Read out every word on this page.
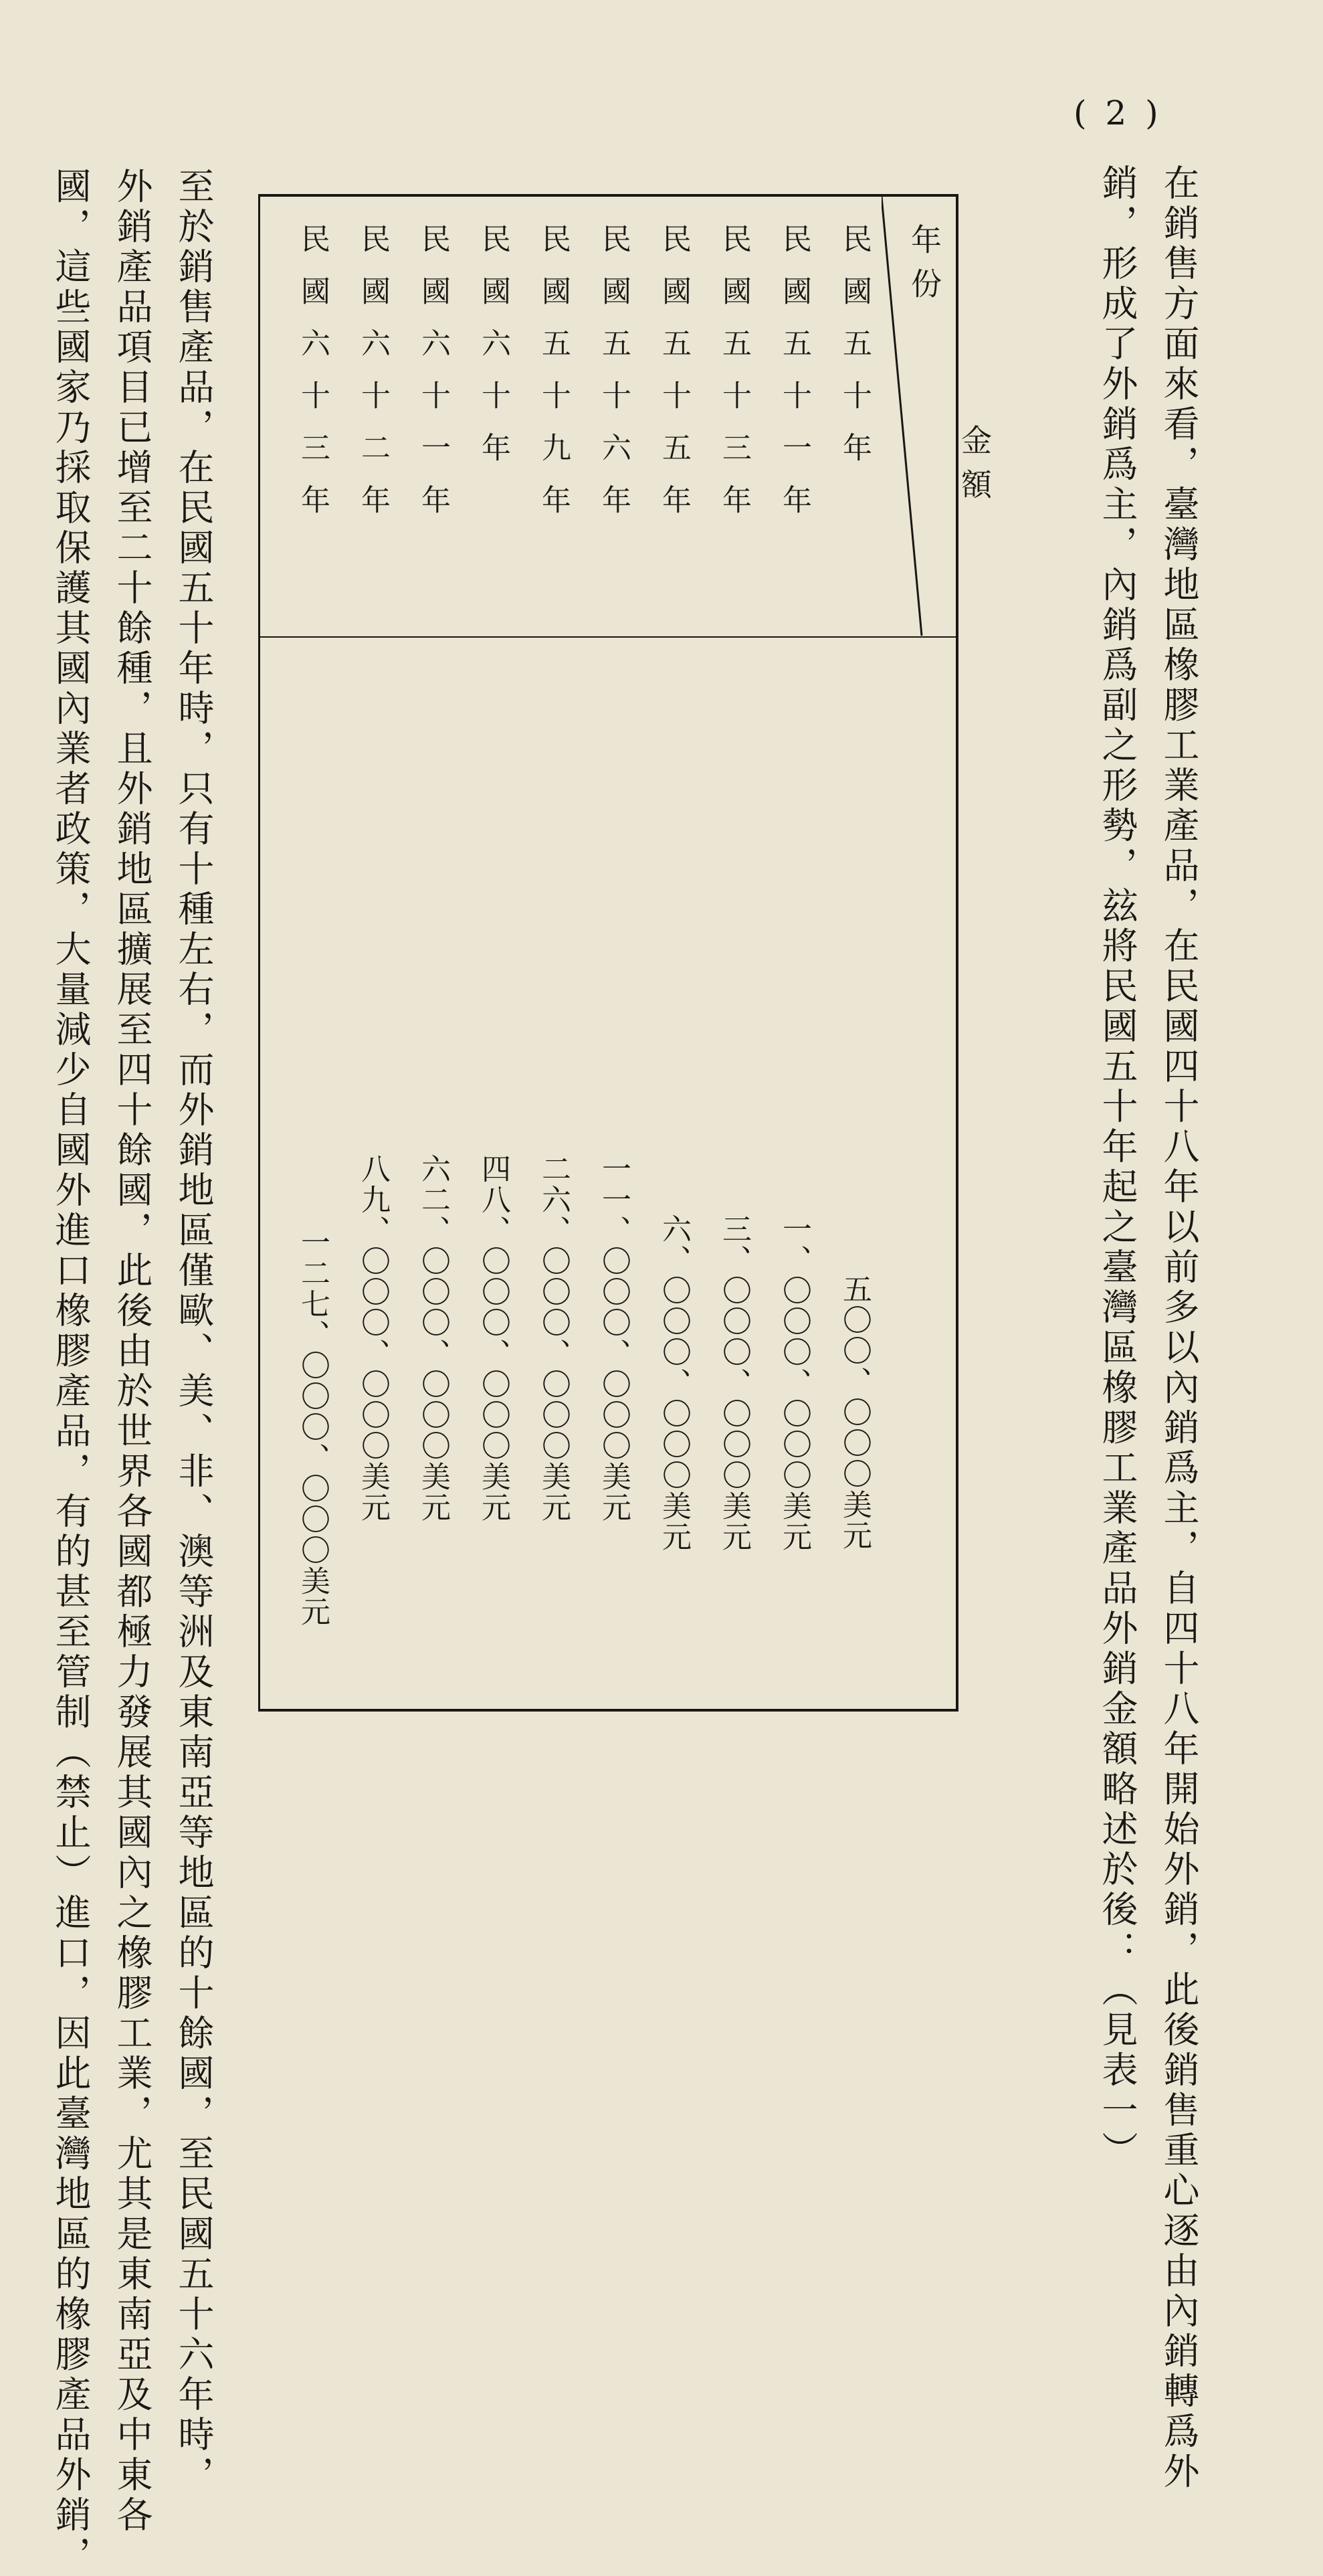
( 2 )
在銷售方面來看，臺灣地區橡膠工業產品，在民國四十八年以前多以內銷爲主，自四十八年開始外銷，此後銷售重心逐由內銷轉爲外
銷，形成了外銷爲主，內銷爲副之形勢，玆將民國五十年起之臺灣區橡膠工業產品外銷金額略述於後：（見表一）
年份
金額
民國五十年
五〇〇、〇〇〇美元
民國五十一年
一、〇〇〇、〇〇〇美元
民國五十三年
三、〇〇〇、〇〇〇美元
民國五十五年
六、〇〇〇、〇〇〇美元
民國五十六年
一一、〇〇〇、〇〇〇美元
民國五十九年
二六、〇〇〇、〇〇〇美元
民國六十年
四八、〇〇〇、〇〇〇美元
民國六十一年
六二、〇〇〇、〇〇〇美元
民國六十二年
八九、〇〇〇、〇〇〇美元
民國六十三年
一二七、〇〇〇、〇〇〇美元
至於銷售產品，在民國五十年時，只有十種左右，而外銷地區僅歐、美、非、澳等洲及東南亞等地區的十餘國，至民國五十六年時，
外銷產品項目已增至二十餘種，且外銷地區擴展至四十餘國，此後由於世界各國都極力發展其國內之橡膠工業，尤其是東南亞及中東各
國，這些國家乃採取保護其國內業者政策，大量減少自國外進口橡膠產品，有的甚至管制（禁止）進口，因此臺灣地區的橡膠產品外銷，
